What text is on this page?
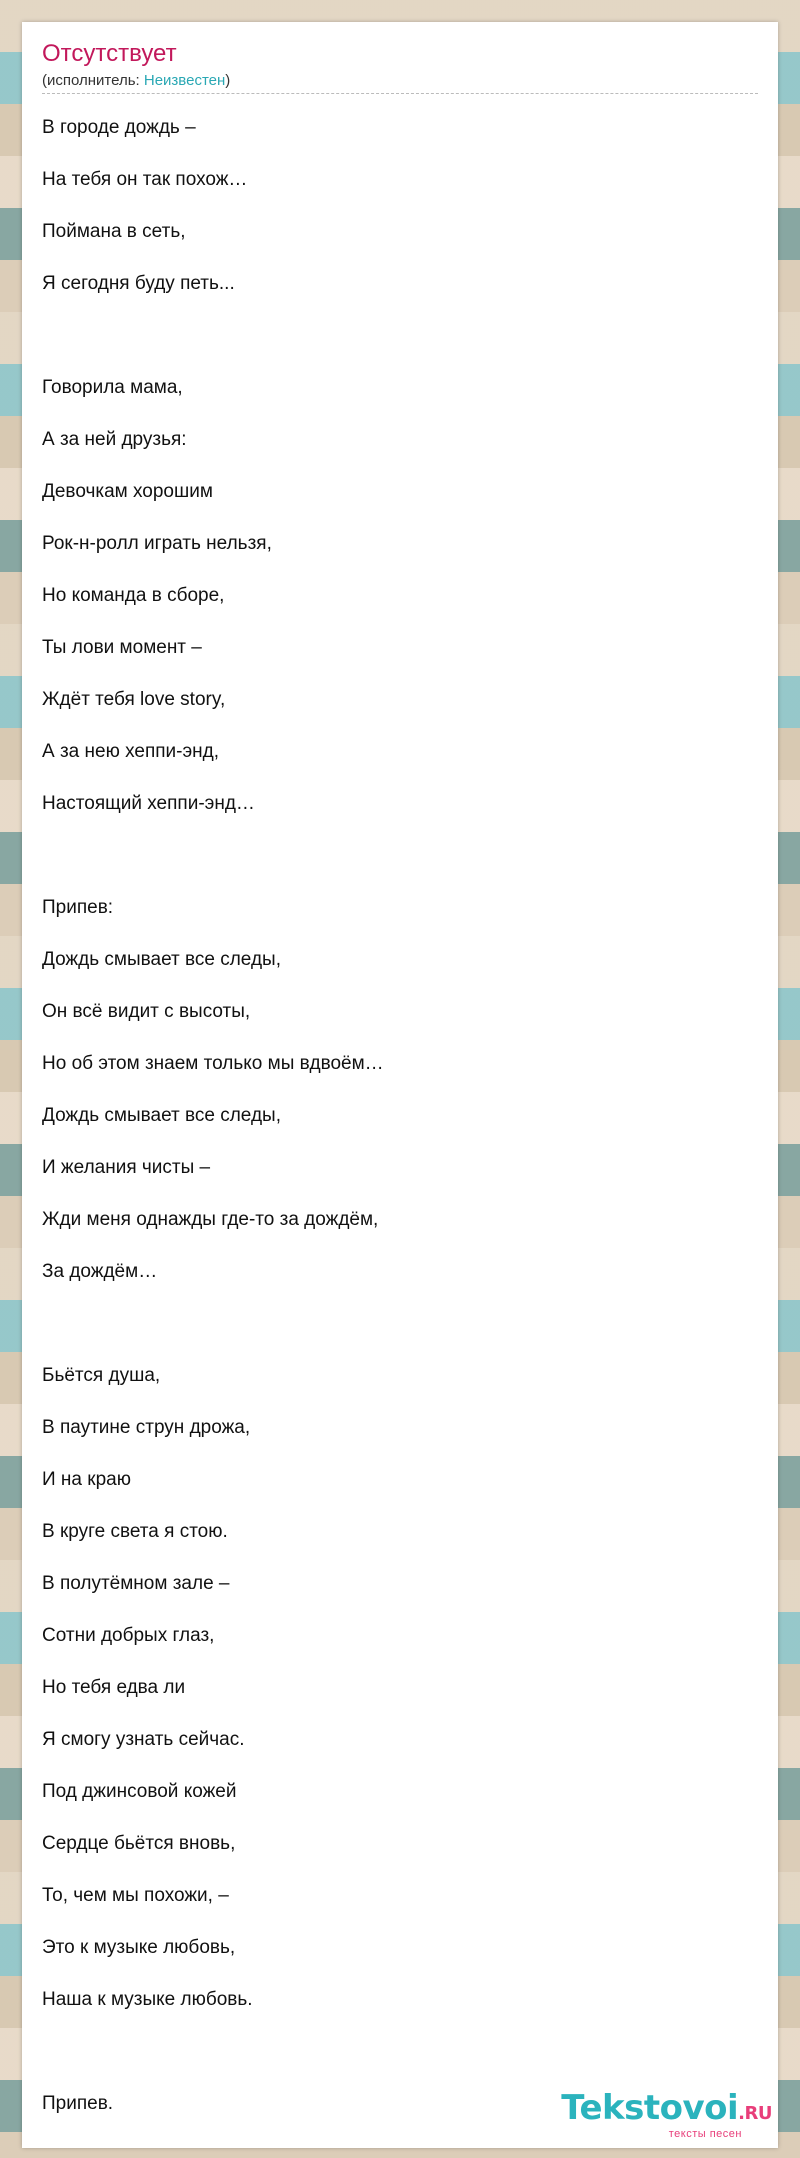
Отсутствует
(исполнитель: Неизвестен)
В городе дождь –
На тебя он так похож…
Поймана в сеть,
Я сегодня буду петь...
Говорила мама,
А за ней друзья:
Девочкам хорошим
Рок-н-ролл играть нельзя,
Но команда в сборе,
Ты лови момент –
Ждёт тебя love story,
А за нею хеппи-энд,
Настоящий хеппи-энд…
Припев:
Дождь смывает все следы,
Он всё видит с высоты,
Но об этом знаем только мы вдвоём…
Дождь смывает все следы,
И желания чисты –
Жди меня однажды где-то за дождём,
За дождём…
Бьётся душа,
В паутине струн дрожа,
И на краю
В круге света я стою.
В полутёмном зале –
Сотни добрых глаз,
Но тебя едва ли
Я смогу узнать сейчас.
Под джинсовой кожей
Сердце бьётся вновь,
То, чем мы похожи, –
Это к музыке любовь,
Наша к музыке любовь.
Припев.	Tekstovoi.RU
тексты песен
